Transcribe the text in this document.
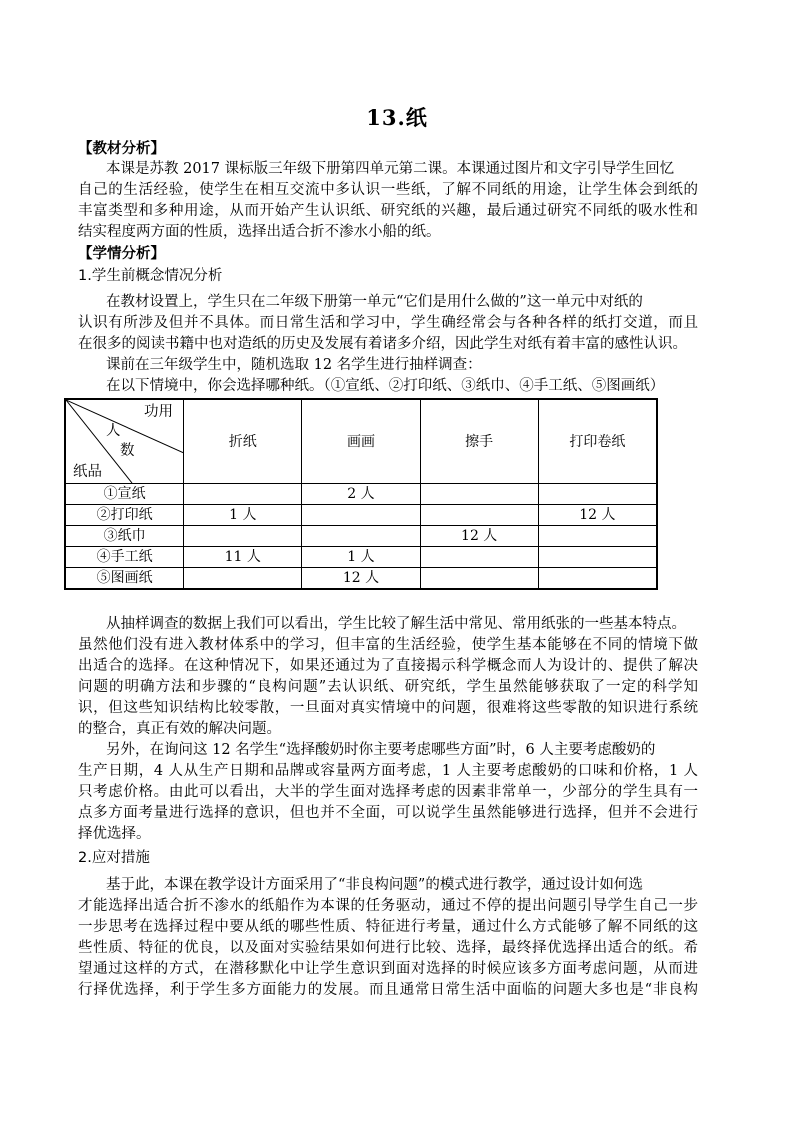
13.纸
【教材分析】
本课是苏教 2017 课标版三年级下册第四单元第二课。本课通过图片和文字引导学生回忆
自己的生活经验，使学生在相互交流中多认识一些纸，了解不同纸的用途，让学生体会到纸的
丰富类型和多种用途，从而开始产生认识纸、研究纸的兴趣，最后通过研究不同纸的吸水性和
结实程度两方面的性质，选择出适合折不渗水小船的纸。
【学情分析】
1.学生前概念情况分析
在教材设置上，学生只在二年级下册第一单元“它们是用什么做的”这一单元中对纸的
认识有所涉及但并不具体。而日常生活和学习中，学生确经常会与各种各样的纸打交道，而且
在很多的阅读书籍中也对造纸的历史及发展有着诸多介绍，因此学生对纸有着丰富的感性认识。
课前在三年级学生中，随机选取 12 名学生进行抽样调查：
在以下情境中，你会选择哪种纸。（①宣纸、②打印纸、③纸巾、④手工纸、⑤图画纸）
功用
人
数
纸品	折纸	画画	擦手	打印卷纸
①宣纸		2 人		
②打印纸	1 人			12 人
③纸巾			12 人	
④手工纸	11 人	1 人		
⑤图画纸		12 人		
从抽样调查的数据上我们可以看出，学生比较了解生活中常见、常用纸张的一些基本特点。
虽然他们没有进入教材体系中的学习，但丰富的生活经验，使学生基本能够在不同的情境下做
出适合的选择。在这种情况下，如果还通过为了直接揭示科学概念而人为设计的、提供了解决
问题的明确方法和步骤的“良构问题”去认识纸、研究纸，学生虽然能够获取了一定的科学知
识，但这些知识结构比较零散，一旦面对真实情境中的问题，很难将这些零散的知识进行系统
的整合，真正有效的解决问题。
另外，在询问这 12 名学生“选择酸奶时你主要考虑哪些方面”时，6 人主要考虑酸奶的
生产日期，4 人从生产日期和品牌或容量两方面考虑，1 人主要考虑酸奶的口味和价格，1 人
只考虑价格。由此可以看出，大半的学生面对选择考虑的因素非常单一，少部分的学生具有一
点多方面考量进行选择的意识，但也并不全面，可以说学生虽然能够进行选择，但并不会进行
择优选择。
2.应对措施
基于此，本课在教学设计方面采用了“非良构问题”的模式进行教学，通过设计如何选
才能选择出适合折不渗水的纸船作为本课的任务驱动，通过不停的提出问题引导学生自己一步
一步思考在选择过程中要从纸的哪些性质、特征进行考量，通过什么方式能够了解不同纸的这
些性质、特征的优良，以及面对实验结果如何进行比较、选择，最终择优选择出适合的纸。希
望通过这样的方式，在潜移默化中让学生意识到面对选择的时候应该多方面考虑问题，从而进
行择优选择，利于学生多方面能力的发展。而且通常日常生活中面临的问题大多也是“非良构
